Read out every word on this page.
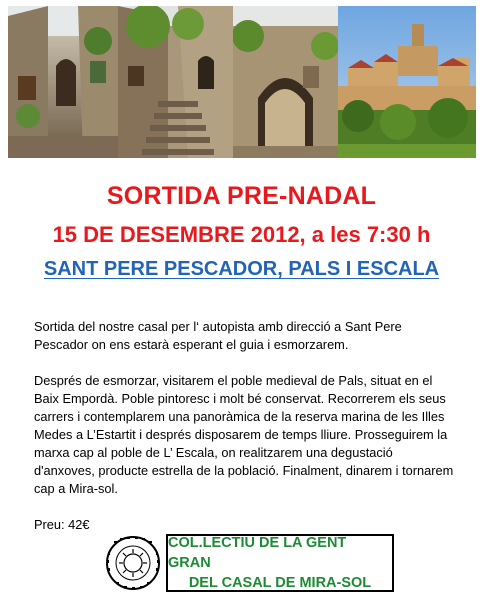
SORTIDA PRE-NADAL
15 DE DESEMBRE 2012, a les 7:30 h
SANT PERE PESCADOR, PALS I ESCALA

Sortida del nostre casal per l‘ autopista amb direcció a Sant Pere Pescador on ens estarà esperant el guia i esmorzarem.

Després de esmorzar, visitarem el poble medieval de Pals, situat en el Baix Empordà. Poble pintoresc i molt bé conservat. Recorrerem els seus carrers i contemplarem una panoràmica de la reserva marina de les Illes Medes a L’Estartit i després disposarem de temps lliure. Prosseguirem la marxa cap al poble de L’ Escala, on realitzarem una degustació d'anxoves, producte estrella de la població. Finalment, dinarem i tornarem cap a Mira-sol.

Preu: 42€
COL.LECTIU DE LA GENT GRAN
DEL CASAL DE MIRA-SOL
